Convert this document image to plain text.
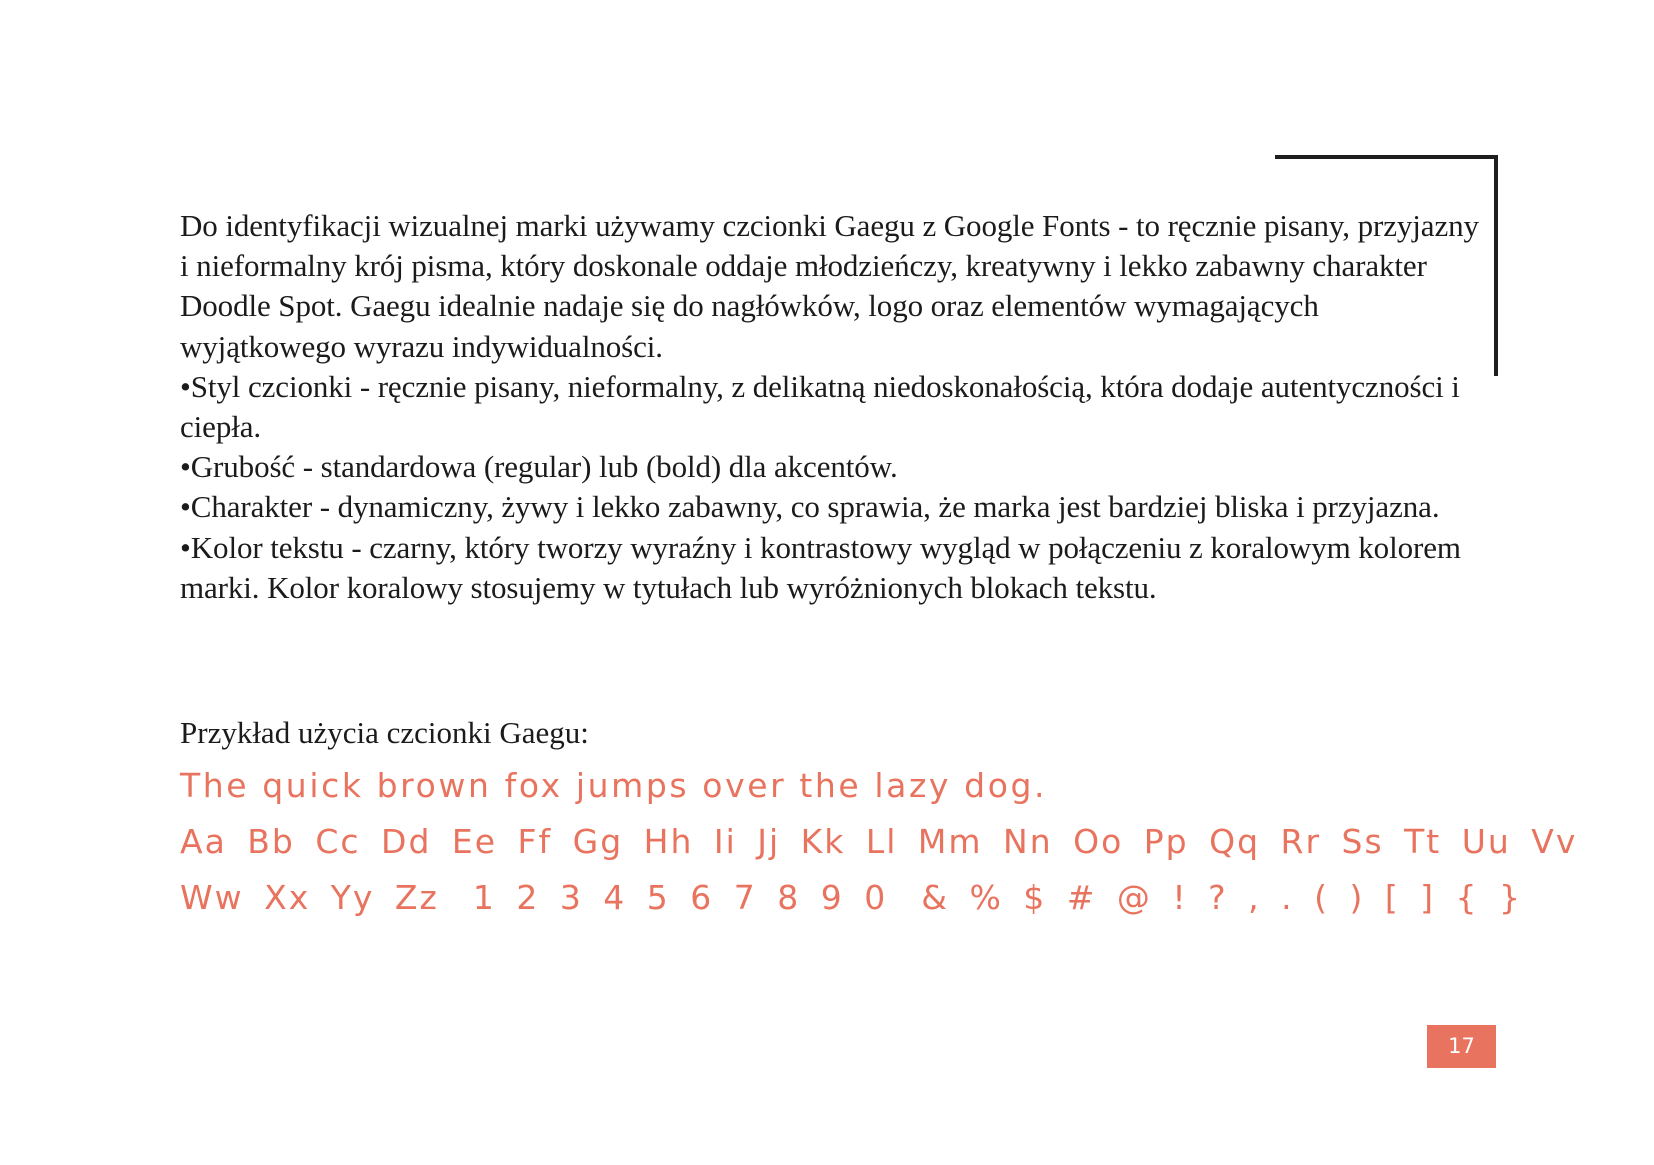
Do identyfikacji wizualnej marki używamy czcionki Gaegu z Google Fonts - to ręcznie pisany, przyjazny i nieformalny krój pisma, który doskonale oddaje młodzieńczy, kreatywny i lekko zabawny charakter Doodle Spot. Gaegu idealnie nadaje się do nagłówków, logo oraz elementów wymagających wyjątkowego wyrazu indywidualności.

•Styl czcionki - ręcznie pisany, nieformalny, z delikatną niedoskonałością, która dodaje autentyczności i ciepła.

•Grubość - standardowa (regular) lub (bold) dla akcentów.

•Charakter - dynamiczny, żywy i lekko zabawny, co sprawia, że marka jest bardziej bliska i przyjazna.

•Kolor tekstu - czarny, który tworzy wyraźny i kontrastowy wygląd w połączeniu z koralowym kolorem marki. Kolor koralowy stosujemy w tytułach lub wyróżnionych blokach tekstu.

Przykład użycia czcionki Gaegu:
The quick brown fox jumps over the lazy dog.
Aa Bb Cc Dd Ee Ff Gg Hh Ii Jj Kk Ll Mm Nn Oo Pp Qq Rr Ss Tt Uu Vv
Ww Xx Yy Zz 1 2 3 4 5 6 7 8 9 0 & % $ # @ ! ? , . ( ) [ ] { }
17
